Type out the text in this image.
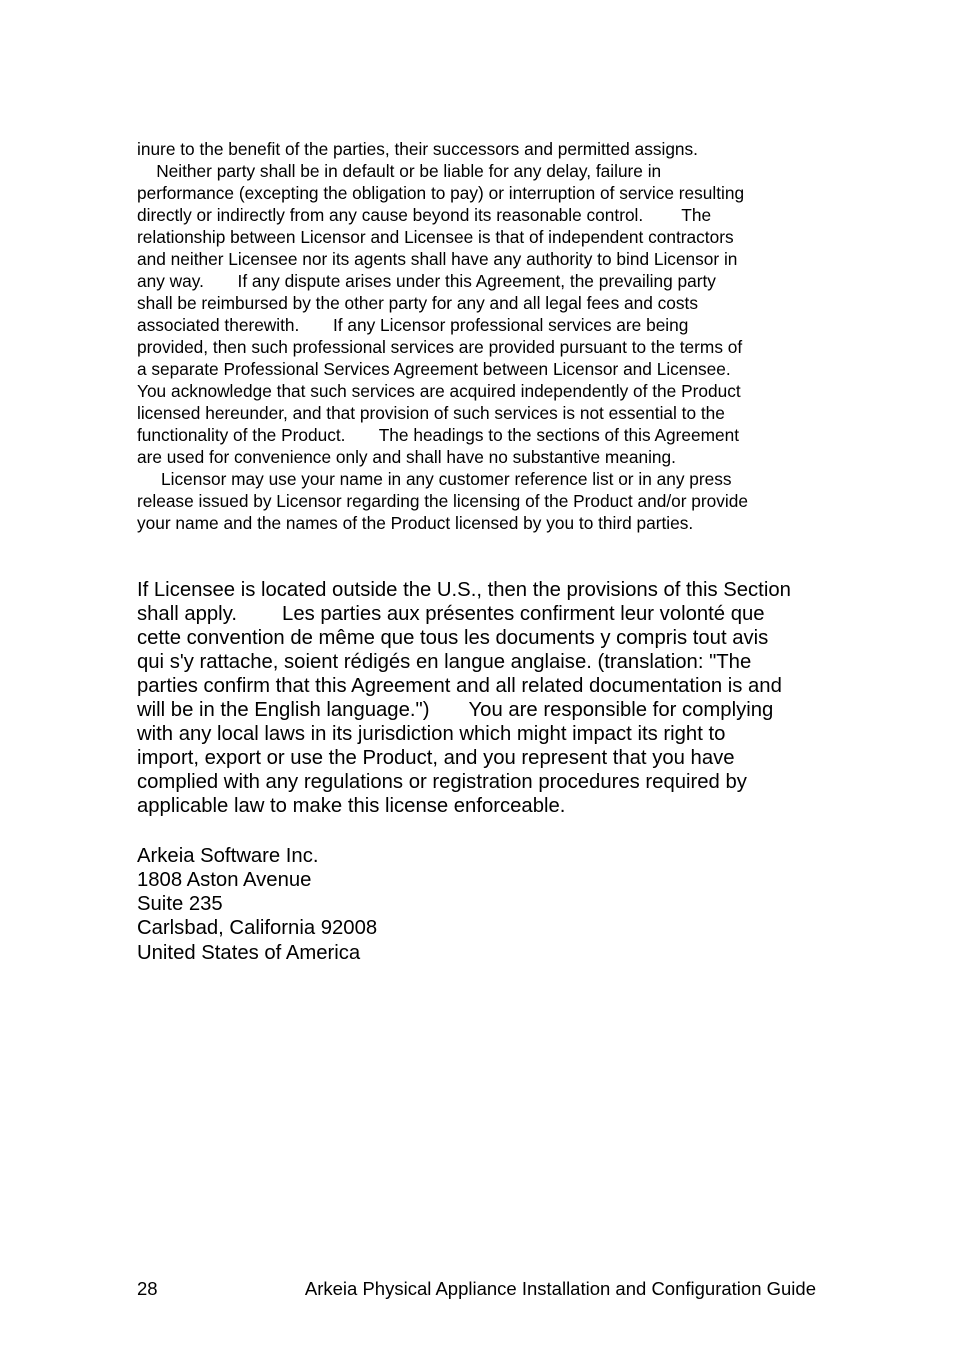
inure to the benefit of the parties, their successors and permitted assigns.
Neither party shall be in default or be liable for any delay, failure in
performance (excepting the obligation to pay) or interruption of service resulting
directly or indirectly from any cause beyond its reasonable control.        The
relationship between Licensor and Licensee is that of independent contractors
and neither Licensee nor its agents shall have any authority to bind Licensor in
any way.       If any dispute arises under this Agreement, the prevailing party
shall be reimbursed by the other party for any and all legal fees and costs
associated therewith.       If any Licensor professional services are being
provided, then such professional services are provided pursuant to the terms of
a separate Professional Services Agreement between Licensor and Licensee.
You acknowledge that such services are acquired independently of the Product
licensed hereunder, and that provision of such services is not essential to the
functionality of the Product.       The headings to the sections of this Agreement
are used for convenience only and shall have no substantive meaning.
Licensor may use your name in any customer reference list or in any press
release issued by Licensor regarding the licensing of the Product and/or provide
your name and the names of the Product licensed by you to third parties.
If Licensee is located outside the U.S., then the provisions of this Section
shall apply.        Les parties aux présentes confirment leur volonté que
cette convention de même que tous les documents y compris tout avis
qui s'y rattache, soient rédigés en langue anglaise. (translation: "The
parties confirm that this Agreement and all related documentation is and
will be in the English language.")       You are responsible for complying
with any local laws in its jurisdiction which might impact its right to
import, export or use the Product, and you represent that you have
complied with any regulations or registration procedures required by
applicable law to make this license enforceable.
Arkeia Software Inc.
1808 Aston Avenue
Suite 235
Carlsbad, California 92008
United States of America
28	Arkeia Physical Appliance Installation and Configuration Guide
